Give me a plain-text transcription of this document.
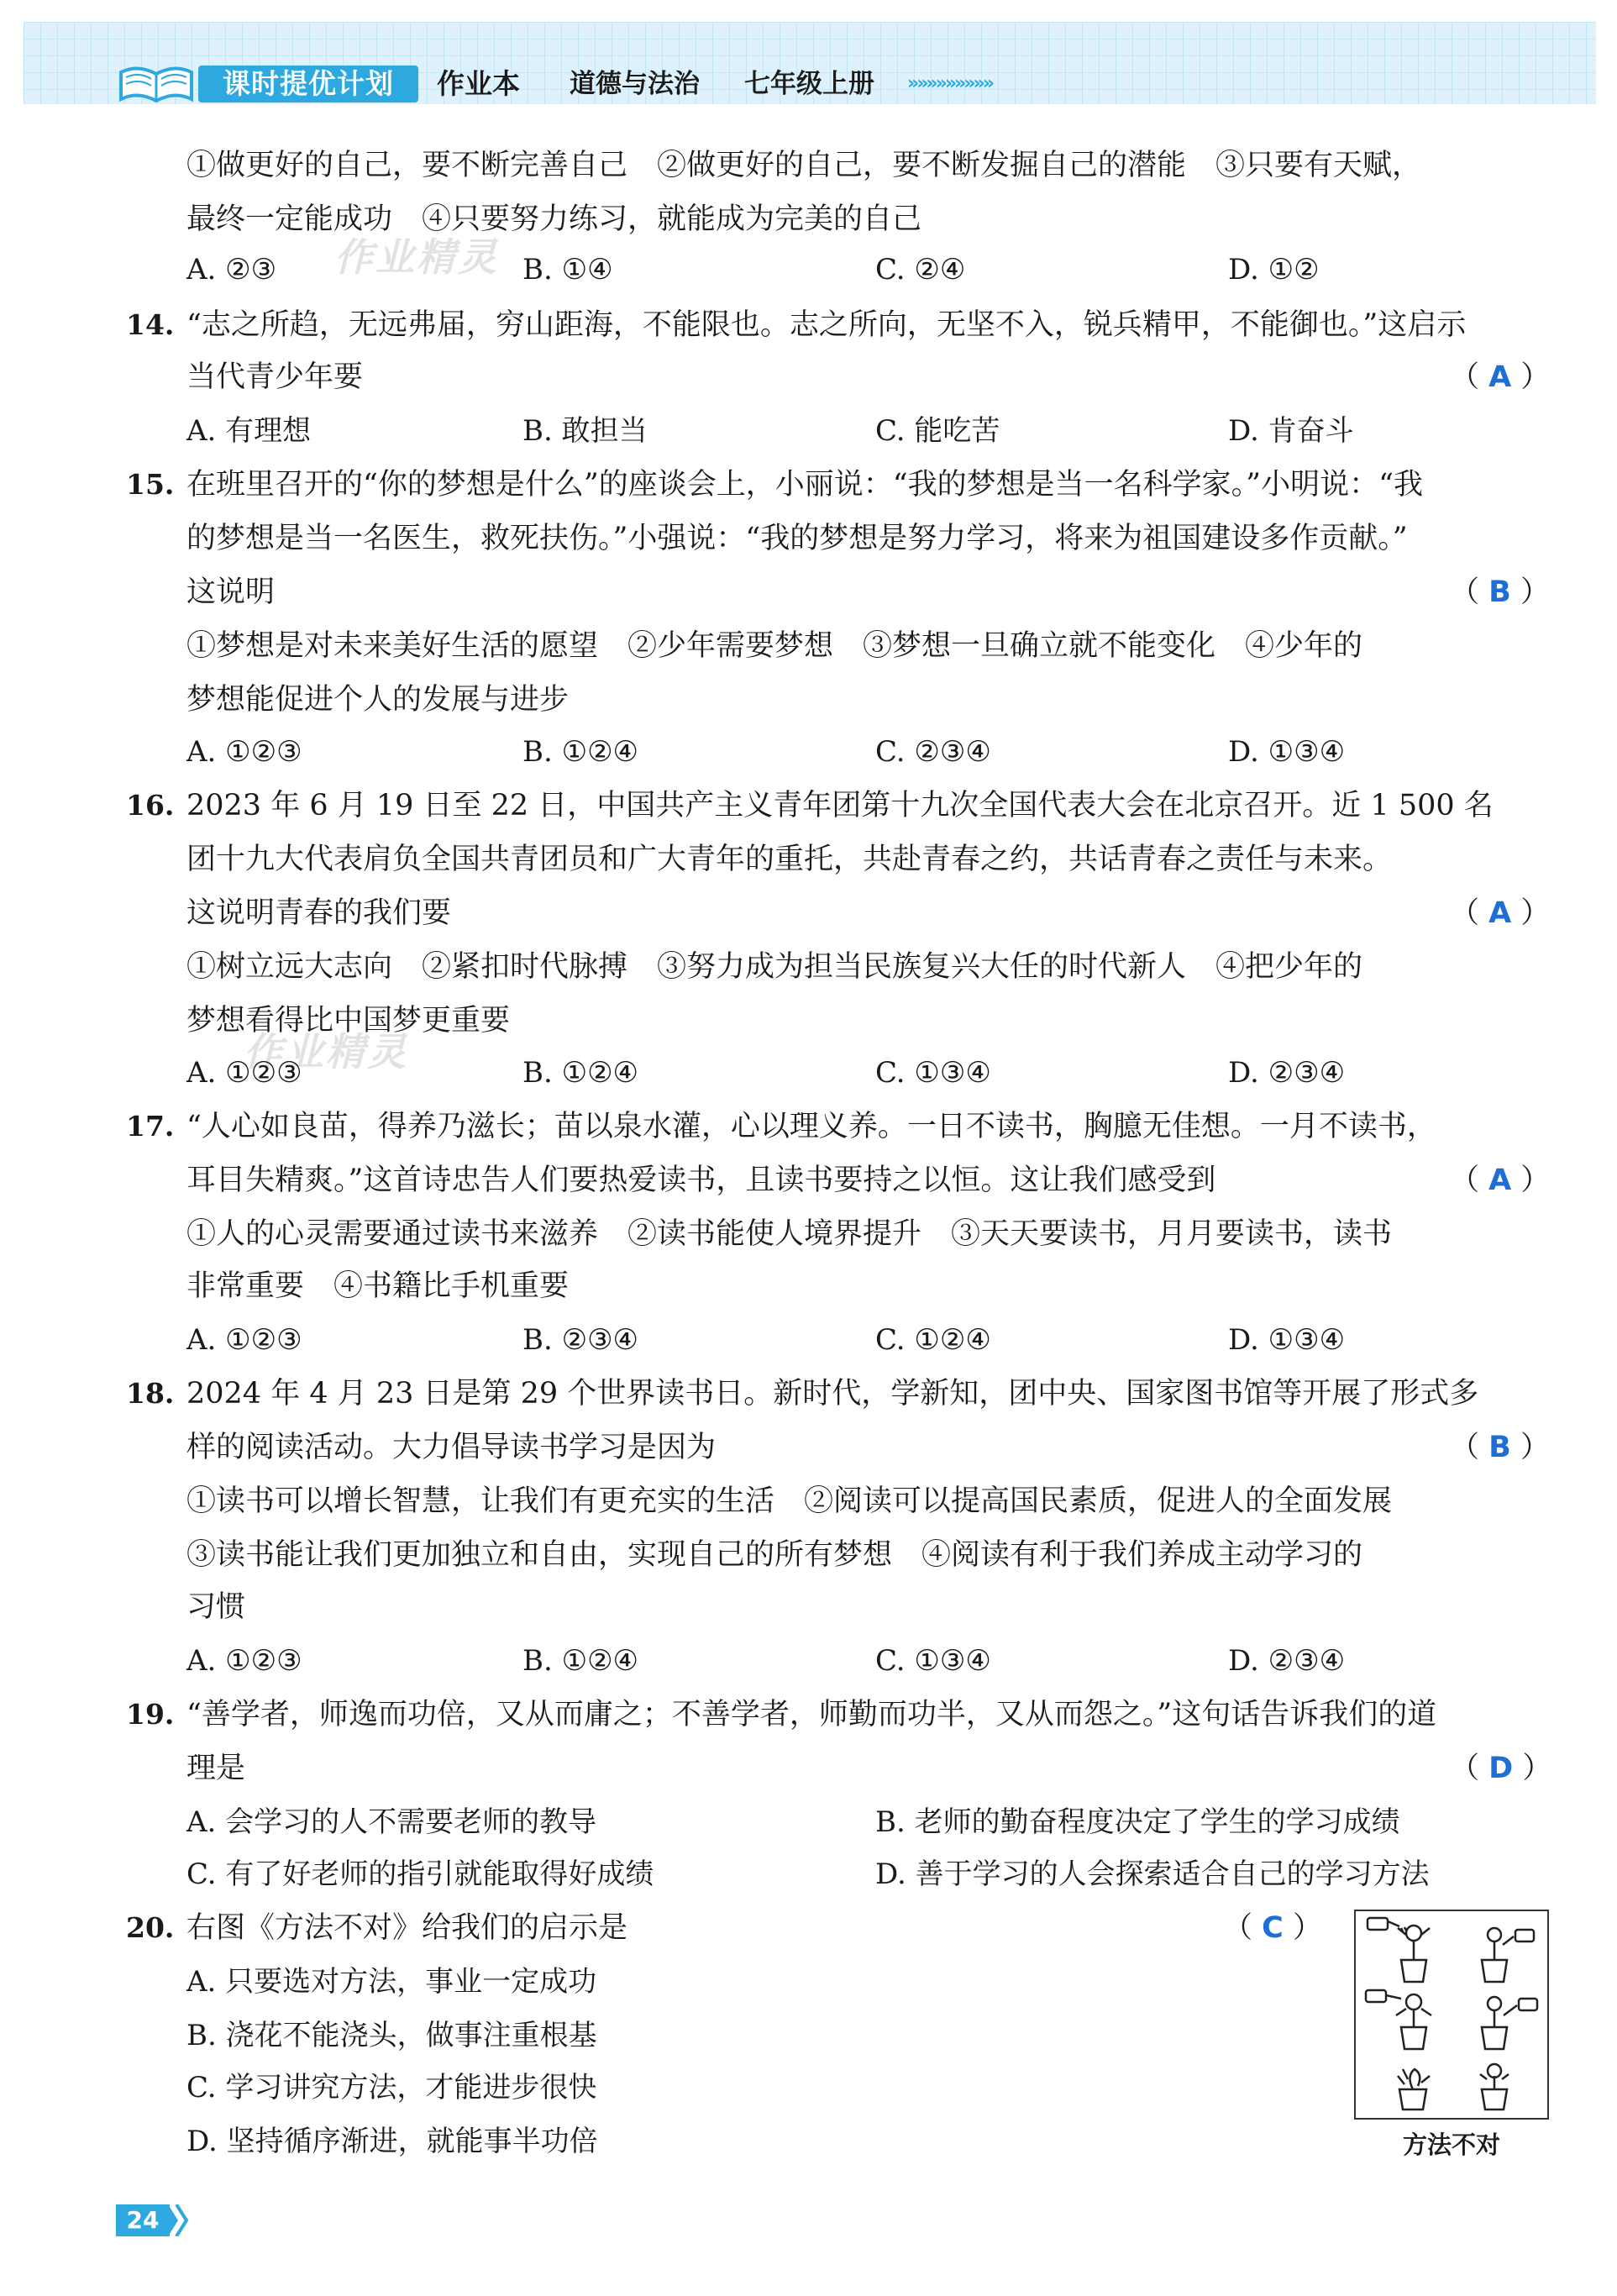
课时提优计划	作业本 道德与法治 七年级上册 »»»»»»»»»
①做更好的自己，要不断完善自己　②做更好的自己，要不断发掘自己的潜能　③只要有天赋，
最终一定能成功　④只要努力练习，就能成为完美的自己
A. ②③	B. ①④	C. ②④	D. ①②
作业精灵
14. “志之所趋，无远弗届，穷山距海，不能限也。志之所向，无坚不入，锐兵精甲，不能御也。”这启示
当代青少年要	（ A ）
A. 有理想	B. 敢担当	C. 能吃苦	D. 肯奋斗
15. 在班里召开的“你的梦想是什么”的座谈会上，小丽说：“我的梦想是当一名科学家。”小明说：“我
的梦想是当一名医生，救死扶伤。”小强说：“我的梦想是努力学习，将来为祖国建设多作贡献。”
这说明	（ B ）
①梦想是对未来美好生活的愿望　②少年需要梦想　③梦想一旦确立就不能变化　④少年的
梦想能促进个人的发展与进步
A. ①②③	B. ①②④	C. ②③④	D. ①③④
16. 2023 年 6 月 19 日至 22 日，中国共产主义青年团第十九次全国代表大会在北京召开。近 1 500 名
团十九大代表肩负全国共青团员和广大青年的重托，共赴青春之约，共话青春之责任与未来。
这说明青春的我们要	（ A ）
①树立远大志向　②紧扣时代脉搏　③努力成为担当民族复兴大任的时代新人　④把少年的
梦想看得比中国梦更重要
作业精灵
A. ①②③	B. ①②④	C. ①③④	D. ②③④
17. “人心如良苗，得养乃滋长；苗以泉水灌，心以理义养。一日不读书，胸臆无佳想。一月不读书，
耳目失精爽。”这首诗忠告人们要热爱读书，且读书要持之以恒。这让我们感受到	（ A ）
①人的心灵需要通过读书来滋养　②读书能使人境界提升　③天天要读书，月月要读书，读书
非常重要　④书籍比手机重要
A. ①②③	B. ②③④	C. ①②④	D. ①③④
18. 2024 年 4 月 23 日是第 29 个世界读书日。新时代，学新知，团中央、国家图书馆等开展了形式多
样的阅读活动。大力倡导读书学习是因为	（ B ）
①读书可以增长智慧，让我们有更充实的生活　②阅读可以提高国民素质，促进人的全面发展
③读书能让我们更加独立和自由，实现自己的所有梦想　④阅读有利于我们养成主动学习的
习惯
A. ①②③	B. ①②④	C. ①③④	D. ②③④
19. “善学者，师逸而功倍，又从而庸之；不善学者，师勤而功半，又从而怨之。”这句话告诉我们的道
理是	（ D ）
A. 会学习的人不需要老师的教导	B. 老师的勤奋程度决定了学生的学习成绩
C. 有了好老师的指引就能取得好成绩	D. 善于学习的人会探索适合自己的学习方法
20. 右图《方法不对》给我们的启示是	（ C ）
A. 只要选对方法，事业一定成功
B. 浇花不能浇头，做事注重根基
C. 学习讲究方法，才能进步很快
D. 坚持循序渐进，就能事半功倍	方法不对
24
